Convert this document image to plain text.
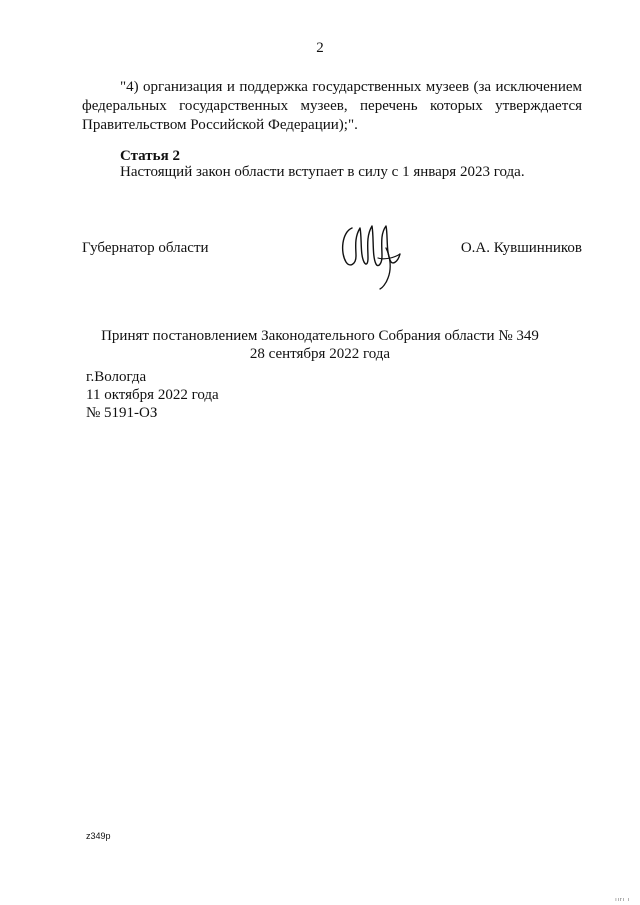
2
"4) организация и поддержка государственных музеев (за исключением
федеральных государственных музеев, перечень которых утверждается
Правительством Российской Федерации);".
Статья 2
Настоящий закон области вступает в силу с 1 января 2023 года.
Губернатор области	О.А. Кувшинников
Принят постановлением Законодательного Собрания области № 349
28 сентября 2022 года
г.Вологда
11 октября 2022 года
№ 5191-ОЗ
z349p
ııгı ı
